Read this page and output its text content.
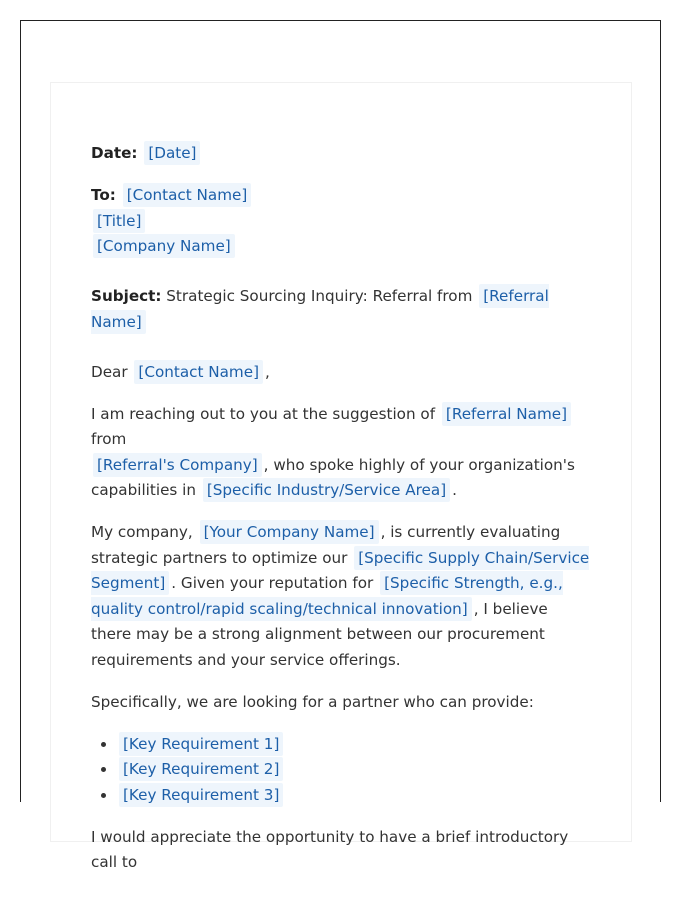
Date: [Date]

To: [Contact Name]
[Title]
[Company Name]

Subject: Strategic Sourcing Inquiry: Referral from [Referral Name]

Dear [Contact Name] ,

I am reaching out to you at the suggestion of [Referral Name] from
[Referral's Company] , who spoke highly of your organization's capabilities in [Specific Industry/Service Area] .

My company, [Your Company Name] , is currently evaluating strategic partners to optimize our [Specific Supply Chain/Service Segment] . Given your reputation for [Specific Strength, e.g., quality control/rapid scaling/technical innovation] , I believe there may be a strong alignment between our procurement requirements and your service offerings.

Specifically, we are looking for a partner who can provide:

• [Key Requirement 1]
• [Key Requirement 2]
• [Key Requirement 3]

I would appreciate the opportunity to have a brief introductory call to
